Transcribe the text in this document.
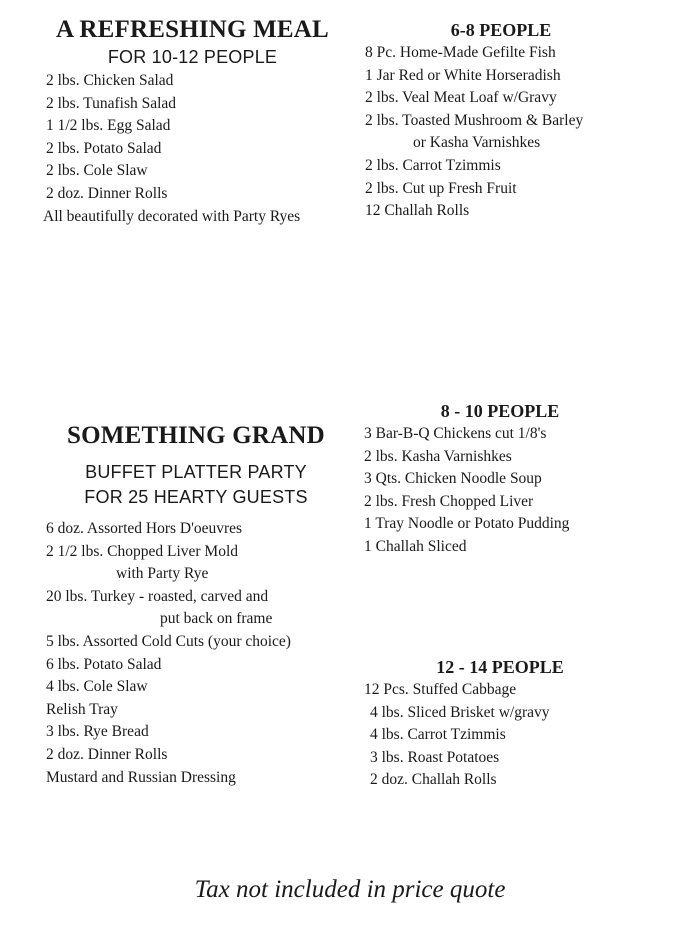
A REFRESHING MEAL
FOR 10-12 PEOPLE
2 lbs. Chicken Salad
2 lbs. Tunafish Salad
1 1/2 lbs. Egg Salad
2 lbs. Potato Salad
2 lbs. Cole Slaw
2 doz. Dinner Rolls
All beautifully decorated with Party Ryes
6-8 PEOPLE
8 Pc. Home-Made Gefilte Fish
1 Jar Red or White Horseradish
2 lbs. Veal Meat Loaf w/Gravy
2 lbs. Toasted Mushroom & Barley
or Kasha Varnishkes
2 lbs. Carrot Tzimmis
2 lbs. Cut up Fresh Fruit
12 Challah Rolls
SOMETHING GRAND
BUFFET PLATTER PARTY
FOR 25 HEARTY GUESTS
6 doz. Assorted Hors D'oeuvres
2 1/2 lbs. Chopped Liver Mold
with Party Rye
20 lbs. Turkey - roasted, carved and
put back on frame
5 lbs. Assorted Cold Cuts (your choice)
6 lbs. Potato Salad
4 lbs. Cole Slaw
Relish Tray
3 lbs. Rye Bread
2 doz. Dinner Rolls
Mustard and Russian Dressing
8 - 10 PEOPLE
3 Bar-B-Q Chickens cut 1/8's
2 lbs. Kasha Varnishkes
3 Qts. Chicken Noodle Soup
2 lbs. Fresh Chopped Liver
1 Tray Noodle or Potato Pudding
1 Challah Sliced
12 - 14 PEOPLE
12 Pcs. Stuffed Cabbage
4 lbs. Sliced Brisket w/gravy
4 lbs. Carrot Tzimmis
3 lbs. Roast Potatoes
2 doz. Challah Rolls
Tax not included in price quote
